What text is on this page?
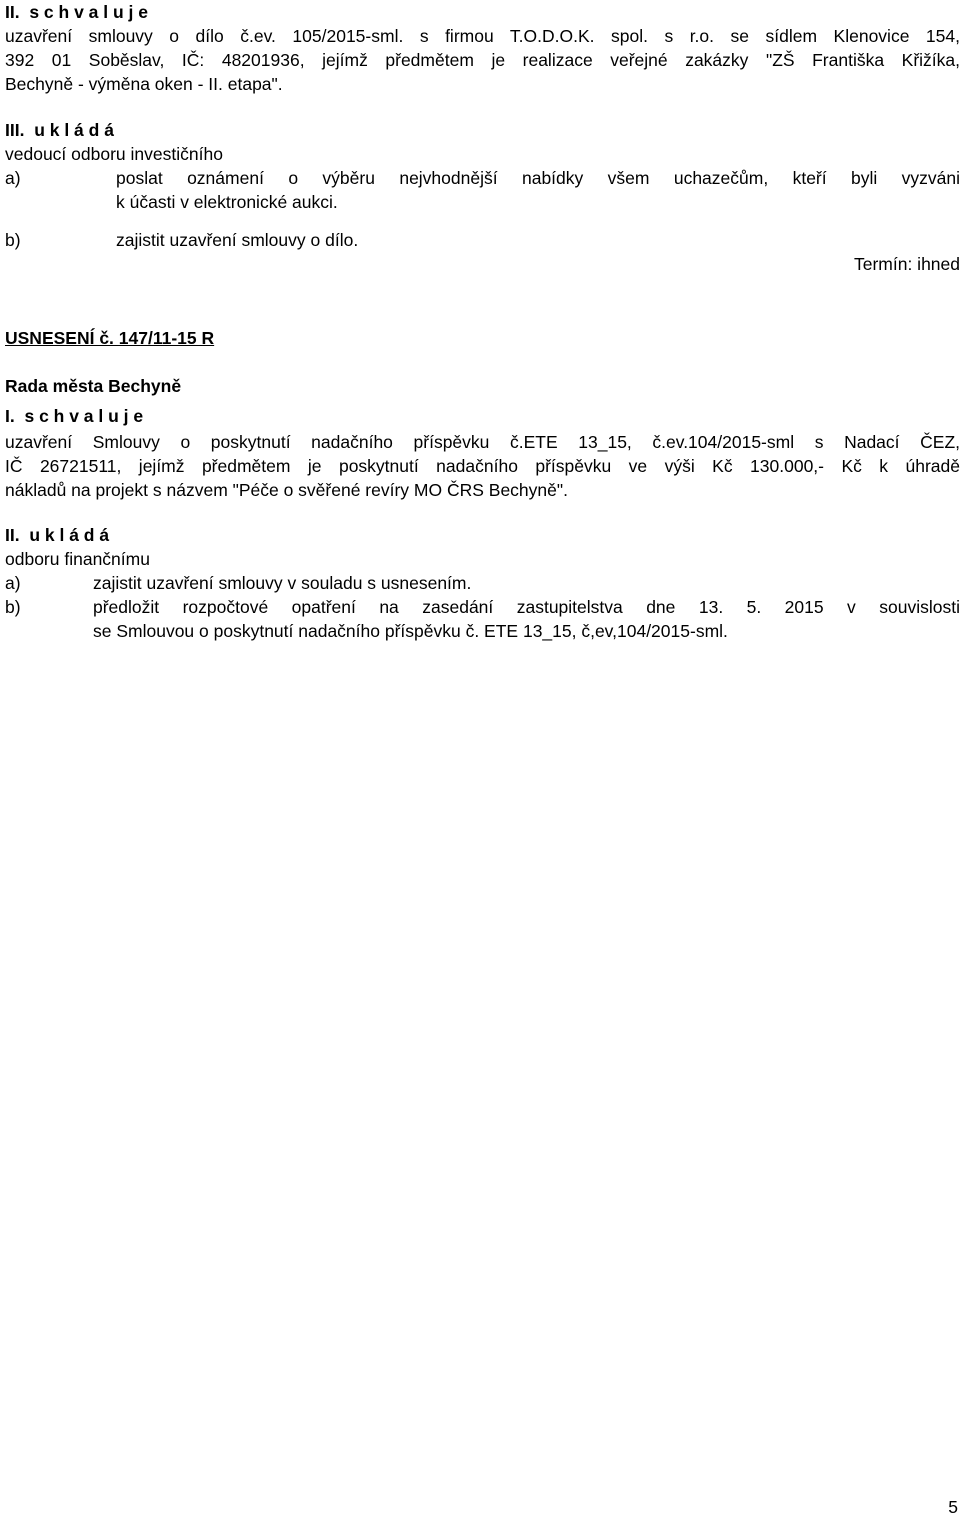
II. s c h v a l u j e
uzavření smlouvy o dílo č.ev. 105/2015-sml. s firmou T.O.D.O.K. spol. s r.o. se sídlem Klenovice 154,
392 01 Soběslav, IČ: 48201936, jejímž předmětem je realizace veřejné zakázky "ZŠ Františka Křižíka,
Bechyně - výměna oken - II. etapa".
III. u k l á d á
vedoucí odboru investičního
a)	poslat oznámení o výběru nejvhodnější nabídky všem uchazečům, kteří byli vyzváni
k účasti v elektronické aukci.
b)	zajistit uzavření smlouvy o dílo.
Termín: ihned
USNESENÍ č. 147/11-15 R
Rada města Bechyně
I. s c h v a l u j e
uzavření Smlouvy o poskytnutí nadačního příspěvku č.ETE 13_15, č.ev.104/2015-sml s Nadací ČEZ,
IČ 26721511, jejímž předmětem je poskytnutí nadačního příspěvku ve výši Kč 130.000,- Kč k úhradě
nákladů na projekt s názvem "Péče o svěřené revíry MO ČRS Bechyně".
II. u k l á d á
odboru finančnímu
a)	zajistit uzavření smlouvy v souladu s usnesením.
b)	předložit rozpočtové opatření na zasedání zastupitelstva dne 13. 5. 2015 v souvislosti
se Smlouvou o poskytnutí nadačního příspěvku č. ETE 13_15, č,ev,104/2015-sml.
5
